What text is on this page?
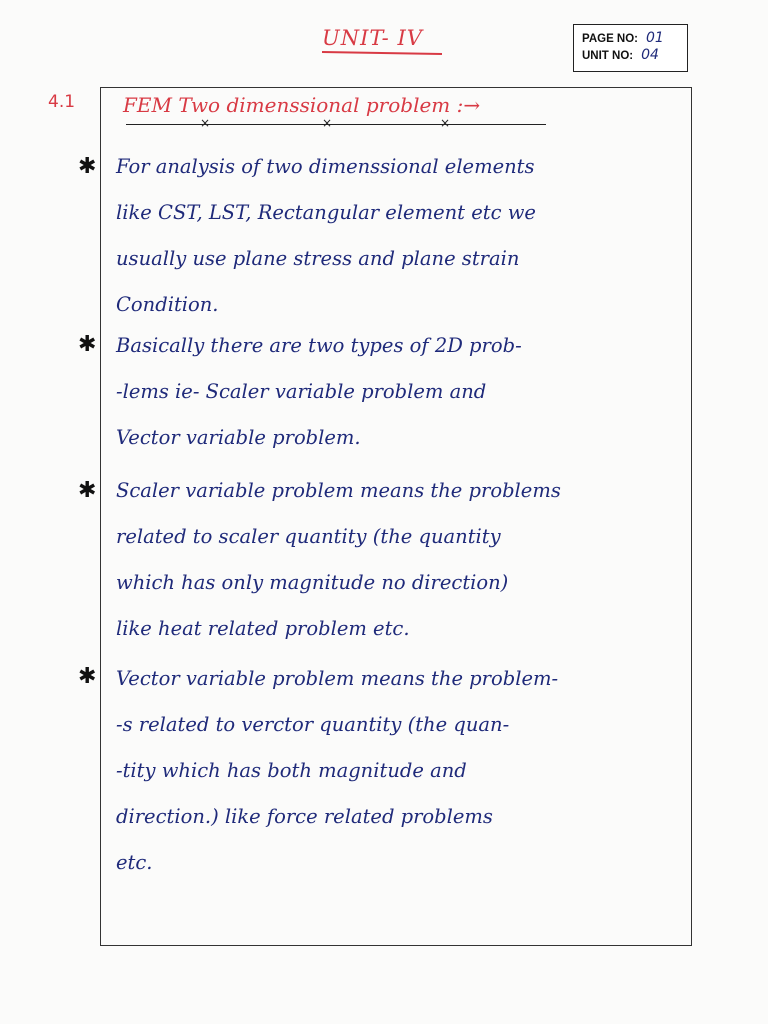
UNIT- IV	PAGE NO: 01
UNIT NO: 04
4.1 FEM Two dimenssional problem :→
×	×	×
✱ For analysis of two dimenssional elements
like CST, LST, Rectangular element etc we
usually use plane stress and plane strain
Condition.
✱ Basically there are two types of 2D prob-
-lems ie- Scaler variable problem and
Vector variable problem.
✱ Scaler variable problem means the problems
related to scaler quantity (the quantity
which has only magnitude no direction)
like heat related problem etc.
✱ Vector variable problem means the problem-
-s related to verctor quantity (the quan-
-tity which has both magnitude and
direction.) like force related problems
etc.
